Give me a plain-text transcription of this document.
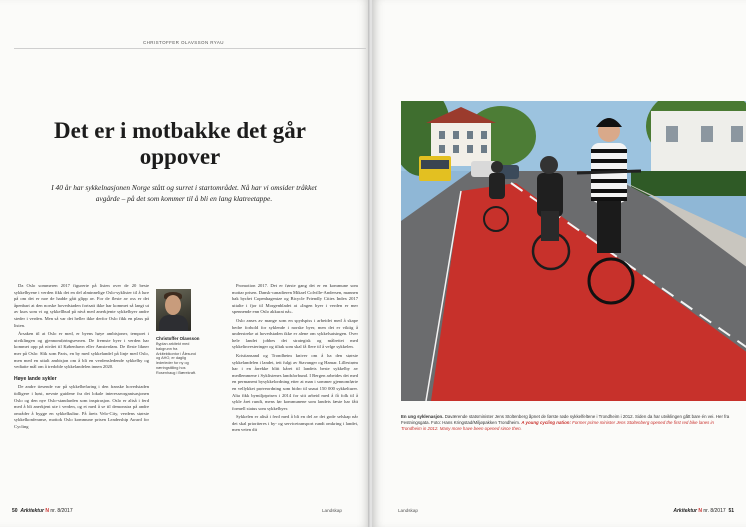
CHRISTOFFER OLAVSSON RYAU
Det er i motbakke det går oppover
I 40 år har sykkelnasjonen Norge stått og surret i startområdet. Nå har vi omsider tråkket avgårde – på det som kommer til å bli en lang klatreetappe.

Da Oslo sommeren 2017 figurerte på listen over de 20 beste sykkelbyene i verden fikk det en del alminnelige Oslo-syklister til å lure på om det er noe de hadde gått glipp av. For de fleste av oss er det åpenbart at den norske hovedstaden fortsatt ikke har kommet så langt ut av kurs som vi og sykkellbud på nivå med anerkjente sykkelbyer andre steder i verden. Men så var det heller ikke derfor Oslo fikk en plass på listen.

Årsaken til at Oslo er med, er byens høye ambisjoner, tempoet i utviklingen og gjennomføringsevnen. De fremste byer i verden har kommet opp på nivået til København eller Amsterdam. De fleste likner mer på Oslo: Slik som Paris, en by med sykkelandel på linje med Oslo, men med en uttalt ambisjon om å bli en verdensledende sykkelby og vedtatte mål om å tredoble sykkelandelen innen 2020.

Høye lande sykler

De andre tiesende var på sykkelbefaring i den franske hovedstaden tidligere i høst, nevnte guidene fra det lokale interesseorganisasjonen Oslo og den nye Oslo-standarden som inspirasjon. Oslo er altså i ferd med å bli anerkjent ute i verden, og et med å se til demonstra på andre områder å bygge en sykkelkultur. På årets Velo-City, verdens største sykkelkonferanse, mottok Oslo kommune prisen Leadership Award for Cycling

Christoffer Olavsson
Byplan arkitekt med bakgrunn fra Arkitektkontor i Ålesund og AHO, er daglig lederleder for ny og næringstilling hos Rosenhaug i Bærekraft.

Promotion 2017. Det er første gang det er en kommune som mottar prisen. Dansk-canadieren Mikael Colville-Andersen, mannen bak byrået Copenhagenize og Bicycle Friendly Cities Index 2017 uttalte i fjor til Morgenbladet at «Ingen byer i verden er mer spennende enn Oslo akkurat nå».

Oslo anses av mange som en spydspiss i arbeidet med å skape bedre forhold for syklende i norske byer, men det er viktig å understreke at hovedstaden ikke er alene om sykkelsatsingen. Over hele landet jobbes det strategisk og målrettet med sykkelinvesteringer og tiltak som skal få flere til å velge sykkelen.

Kristiansand og Trondheim kniver om å ha den største sykkelandelen i landet, tett fulgt av Stavanger og Hamar. Lillestrøm har i en årrekke blitt kåret til landets beste sykkelby av medlemmene i Syklistenes landsforbund. I Bergen arbeides det med en permanent bysykkelordning etter at man i sommer gjennomførte en vellykket prøveordning som bidro til snaut 150 000 sykkelturer. Alta fikk bymiljøprisen i 2014 for sitt arbeid med å få folk til å sykle året rundt, mens før kommunene som landets fæste har fått formell status som sykkelbyer.

Sykkelen er altså i ferd med å bli en del av det gode selskap når det skal prioriteres i by- og servicetransport rundt omkring i landet, men veien dit

50 Arkitektur N nr. 8/2017	Landskap
En ung syklenasjon. Daværende statsminister Jens Stoltenberg åpnet de første røde sykkelfeltene i Trondheim i 2012. Siden da har utviklingen gått bare én vei. Her fra Festningsgata. Foto: Hans Kringstad/Miljøpakken Trondheim. A young cycling nation: Former prime minister Jens Stoltenberg opened the first red bike lanes in Trondheim in 2012. Many more have been opened since then.
Landskap	Arkitektur N nr. 8/2017 51
